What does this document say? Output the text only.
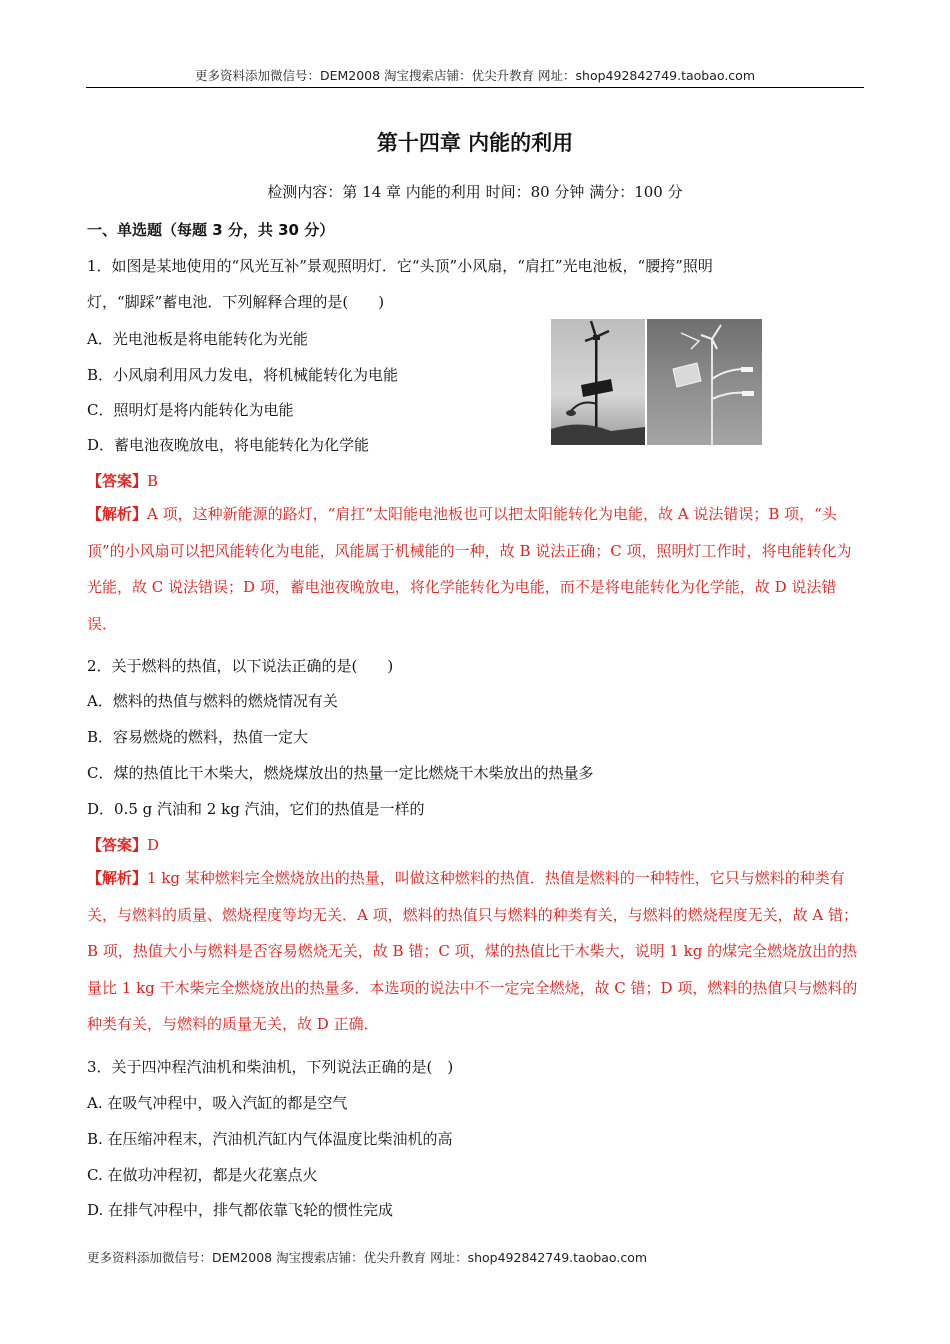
更多资料添加微信号：DEM2008 淘宝搜索店铺：优尖升教育 网址：shop492842749.taobao.com
第十四章 内能的利用
检测内容：第 14 章 内能的利用 时间：80 分钟 满分：100 分
一、单选题（每题 3 分，共 30 分）
1．如图是某地使用的“风光互补”景观照明灯．它“头顶”小风扇，“肩扛”光电池板，“腰挎”照明
灯，“脚踩”蓄电池．下列解释合理的是(　　)
A．光电池板是将电能转化为光能
B．小风扇利用风力发电，将机械能转化为电能
C．照明灯是将内能转化为电能
D．蓄电池夜晚放电，将电能转化为化学能
【答案】B
【解析】A 项，这种新能源的路灯，“肩扛”太阳能电池板也可以把太阳能转化为电能，故 A 说法错误；B 项，“头顶”的小风扇可以把风能转化为电能，风能属于机械能的一种，故 B 说法正确；C 项，照明灯工作时，将电能转化为光能，故 C 说法错误；D 项，蓄电池夜晚放电，将化学能转化为电能，而不是将电能转化为化学能，故 D 说法错误．
2．关于燃料的热值，以下说法正确的是(　　)
A．燃料的热值与燃料的燃烧情况有关
B．容易燃烧的燃料，热值一定大
C．煤的热值比干木柴大，燃烧煤放出的热量一定比燃烧干木柴放出的热量多
D．0.5 g 汽油和 2 kg 汽油，它们的热值是一样的
【答案】D
【解析】1 kg 某种燃料完全燃烧放出的热量，叫做这种燃料的热值．热值是燃料的一种特性，它只与燃料的种类有关，与燃料的质量、燃烧程度等均无关．A 项，燃料的热值只与燃料的种类有关，与燃料的燃烧程度无关，故 A 错；B 项，热值大小与燃料是否容易燃烧无关，故 B 错；C 项，煤的热值比干木柴大，说明 1 kg 的煤完全燃烧放出的热量比 1 kg 干木柴完全燃烧放出的热量多．本选项的说法中不一定完全燃烧，故 C 错；D 项，燃料的热值只与燃料的种类有关，与燃料的质量无关，故 D 正确．
3．关于四冲程汽油机和柴油机，下列说法正确的是(　)
A. 在吸气冲程中，吸入汽缸的都是空气
B. 在压缩冲程末，汽油机汽缸内气体温度比柴油机的高
C. 在做功冲程初，都是火花塞点火
D. 在排气冲程中，排气都依靠飞轮的惯性完成
更多资料添加微信号：DEM2008 淘宝搜索店铺：优尖升教育 网址：shop492842749.taobao.com
